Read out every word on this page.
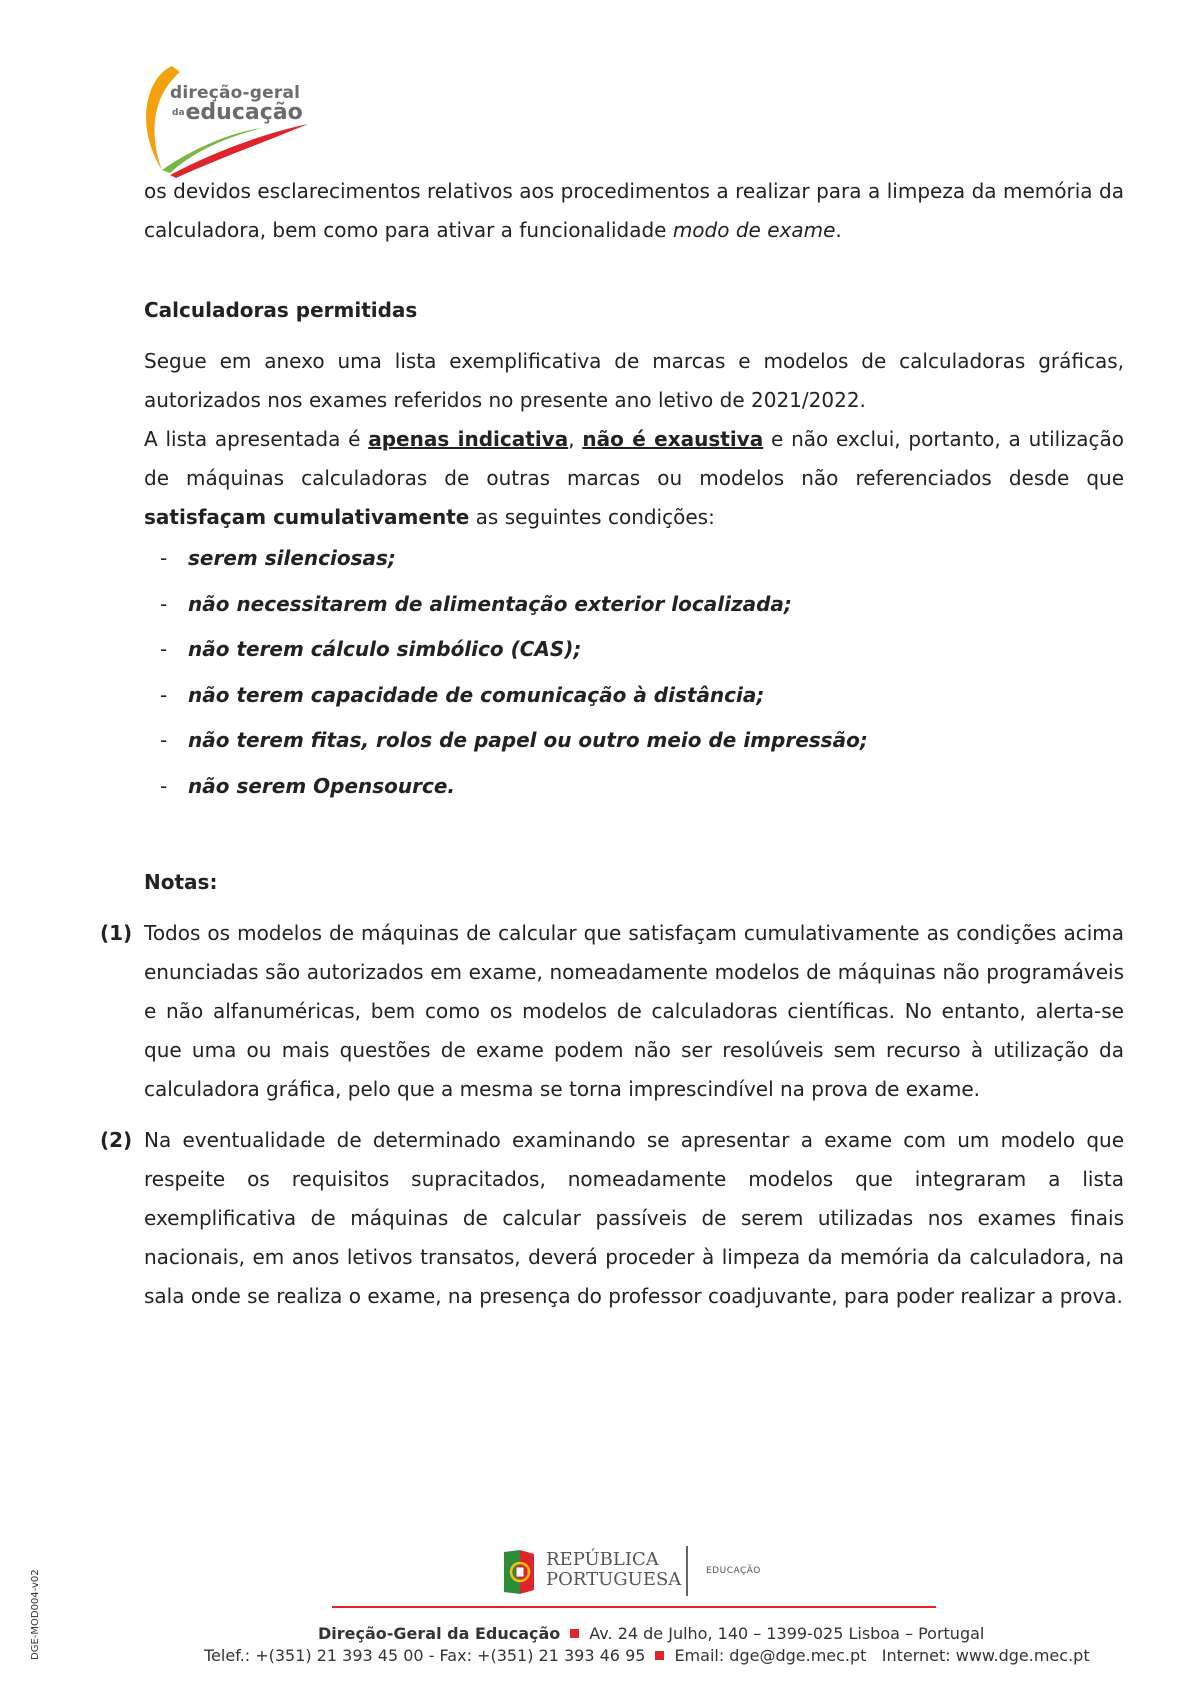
direção-geral
daeducação

os devidos esclarecimentos relativos aos procedimentos a realizar para a limpeza da memória da calculadora, bem como para ativar a funcionalidade modo de exame.

Calculadoras permitidas

Segue em anexo uma lista exemplificativa de marcas e modelos de calculadoras gráficas, autorizados nos exames referidos no presente ano letivo de 2021/2022.

A lista apresentada é apenas indicativa, não é exaustiva e não exclui, portanto, a utilização de máquinas calculadoras de outras marcas ou modelos não referenciados desde que satisfaçam cumulativamente as seguintes condições:

- serem silenciosas;
- não necessitarem de alimentação exterior localizada;
- não terem cálculo simbólico (CAS);
- não terem capacidade de comunicação à distância;
- não terem fitas, rolos de papel ou outro meio de impressão;
- não serem Opensource.
Notas:
(1) Todos os modelos de máquinas de calcular que satisfaçam cumulativamente as condições acima enunciadas são autorizados em exame, nomeadamente modelos de máquinas não programáveis e não alfanuméricas, bem como os modelos de calculadoras científicas. No entanto, alerta-se que uma ou mais questões de exame podem não ser resolúveis sem recurso à utilização da calculadora gráfica, pelo que a mesma se torna imprescindível na prova de exame.
(2) Na eventualidade de determinado examinando se apresentar a exame com um modelo que respeite os requisitos supracitados, nomeadamente modelos que integraram a lista exemplificativa de máquinas de calcular passíveis de serem utilizadas nos exames finais nacionais, em anos letivos transatos, deverá proceder à limpeza da memória da calculadora, na sala onde se realiza o exame, na presença do professor coadjuvante, para poder realizar a prova.
REPÚBLICA
PORTUGUESA	EDUCAÇÃO
Direção-Geral da Educação Av. 24 de Julho, 140 – 1399-025 Lisboa – Portugal
Telef.: +(351) 21 393 45 00 - Fax: +(351) 21 393 46 95 Email: dge@dge.mec.pt Internet: www.dge.mec.pt
DGE-MOD004-v02
